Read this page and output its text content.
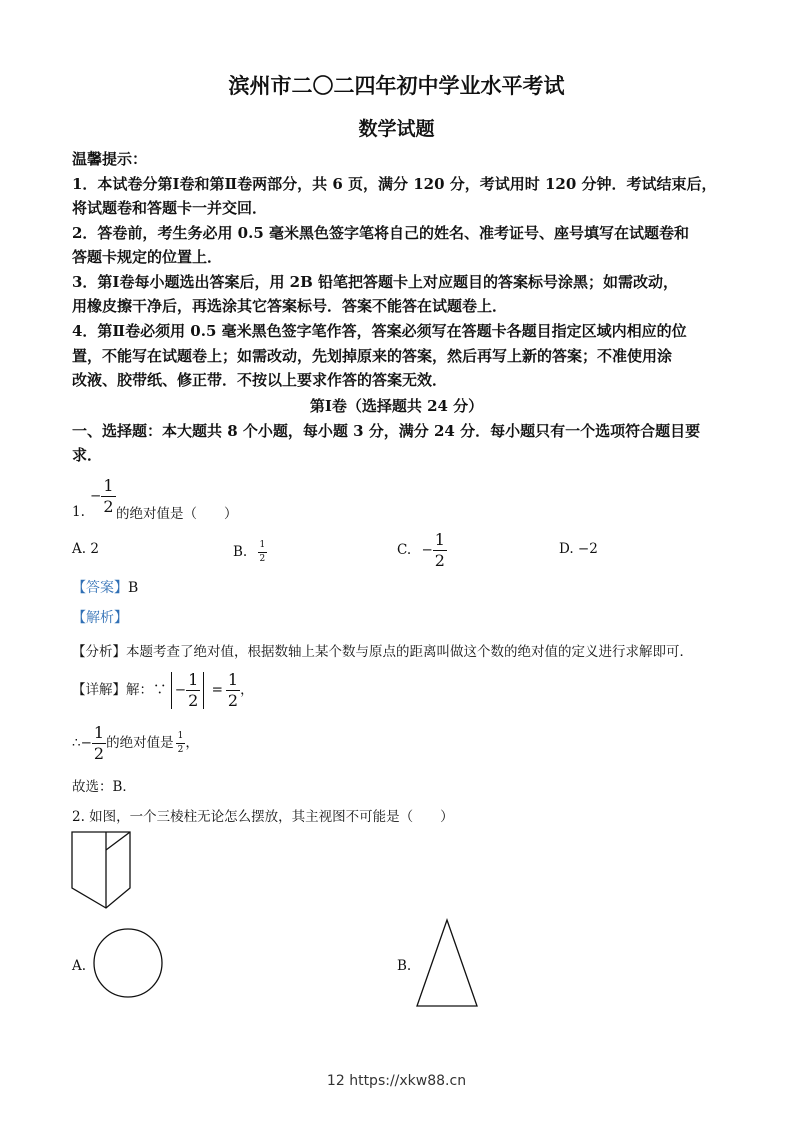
滨州市二〇二四年初中学业水平考试
数学试题
温馨提示：
1．本试卷分第Ⅰ卷和第Ⅱ卷两部分，共 6 页，满分 120 分，考试用时 120 分钟．考试结束后，
将试题卷和答题卡一并交回．
2．答卷前，考生务必用 0.5 毫米黑色签字笔将自己的姓名、准考证号、座号填写在试题卷和
答题卡规定的位置上．
3．第Ⅰ卷每小题选出答案后，用 2B 铅笔把答题卡上对应题目的答案标号涂黑；如需改动，
用橡皮擦干净后，再选涂其它答案标号．答案不能答在试题卷上．
4．第Ⅱ卷必须用 0.5 毫米黑色签字笔作答，答案必须写在答题卡各题目指定区域内相应的位
置，不能写在试题卷上；如需改动，先划掉原来的答案，然后再写上新的答案；不准使用涂
改液、胶带纸、修正带．不按以上要求作答的答案无效．
第Ⅰ卷（选择题共 24 分）
一、选择题：本大题共 8 个小题，每小题 3 分，满分 24 分．每小题只有一个选项符合题目要
求．
− $\frac{1}{2}$
1. 的绝对值是（　　）
A. 2	B. $\frac{1}{2}$	C. − $\frac{1}{2}$	D. −2
【答案】B
【解析】
【分析】本题考查了绝对值，根据数轴上某个数与原点的距离叫做这个数的绝对值的定义进行求解即可．
【详解】解：∵ − $\frac{1}{2} = \frac{1}{2}$ ，
∴− $\frac{1}{2}$ 的绝对值是 $\frac{1}{2}$ ，
故选：B．
2. 如图，一个三棱柱无论怎么摆放，其主视图不可能是（　　）
A.	B.
12 https://xkw88.cn
